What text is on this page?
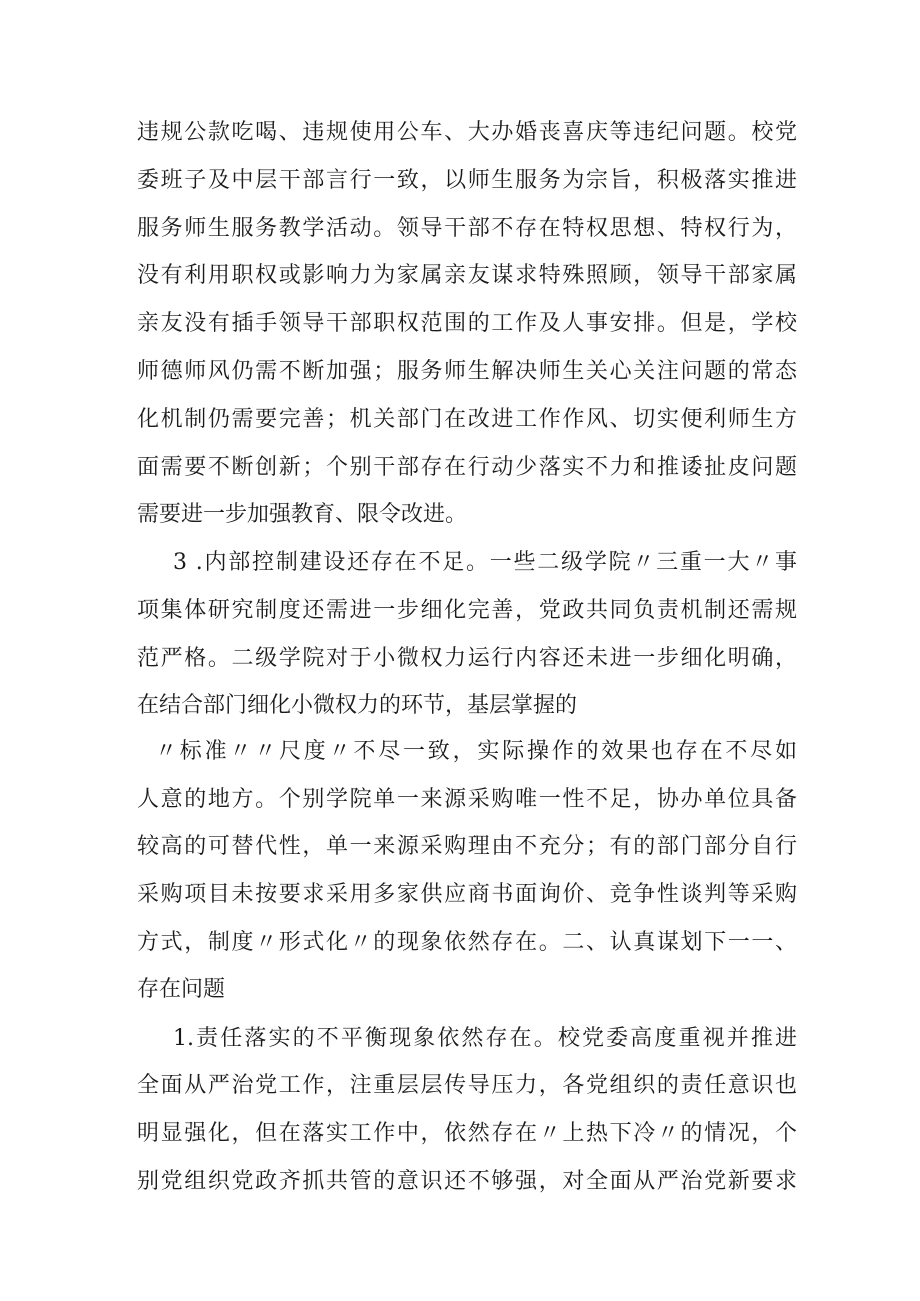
违规公款吃喝、违规使用公车、大办婚丧喜庆等违纪问题。校党
委班子及中层干部言行一致，以师生服务为宗旨，积极落实推进
服务师生服务教学活动。领导干部不存在特权思想、特权行为，
没有利用职权或影响力为家属亲友谋求特殊照顾，领导干部家属
亲友没有插手领导干部职权范围的工作及人事安排。但是，学校
师德师风仍需不断加强；服务师生解决师生关心关注问题的常态
化机制仍需要完善；机关部门在改进工作作风、切实便利师生方
面需要不断创新；个别干部存在行动少落实不力和推诿扯皮问题
需要进一步加强教育、限令改进。
3 .内部控制建设还存在不足。一些二级学院〃三重一大〃事
项集体研究制度还需进一步细化完善，党政共同负责机制还需规
范严格。二级学院对于小微权力运行内容还未进一步细化明确，
在结合部门细化小微权力的环节，基层掌握的
〃标准〃〃尺度〃不尽一致，实际操作的效果也存在不尽如
人意的地方。个别学院单一来源采购唯一性不足，协办单位具备
较高的可替代性，单一来源采购理由不充分；有的部门部分自行
采购项目未按要求采用多家供应商书面询价、竞争性谈判等采购
方式，制度〃形式化〃的现象依然存在。二、认真谋划下一一、
存在问题
1.责任落实的不平衡现象依然存在。校党委高度重视并推进
全面从严治党工作，注重层层传导压力，各党组织的责任意识也
明显强化，但在落实工作中，依然存在〃上热下冷〃的情况，个
别党组织党政齐抓共管的意识还不够强，对全面从严治党新要求
